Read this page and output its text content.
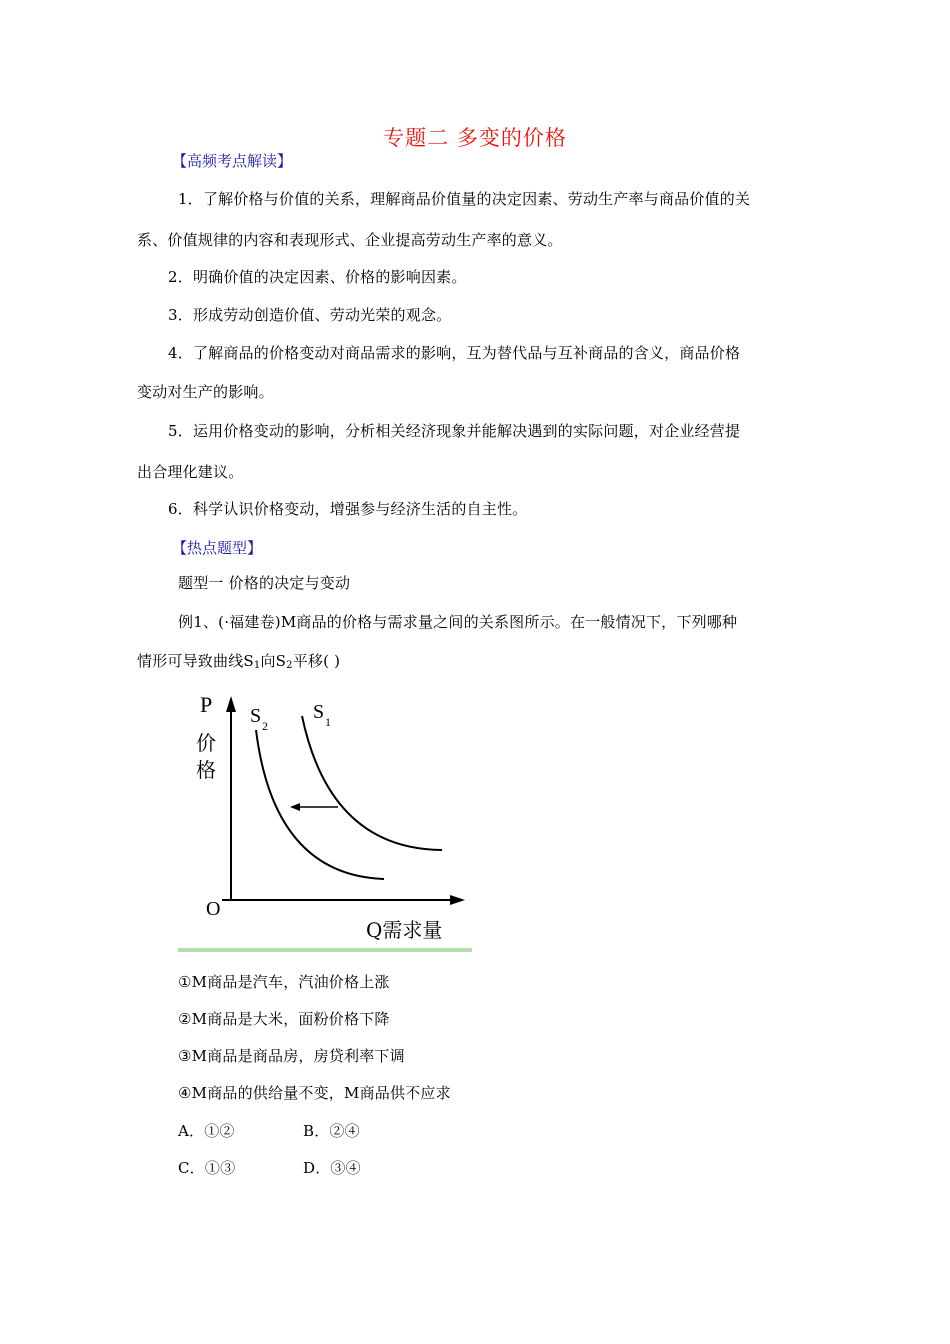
专题二 多变的价格
【高频考点解读】
1．了解价格与价值的关系，理解商品价值量的决定因素、劳动生产率与商品价值的关
系、价值规律的内容和表现形式、企业提高劳动生产率的意义。
2．明确价值的决定因素、价格的影响因素。
3．形成劳动创造价值、劳动光荣的观念。
4．了解商品的价格变动对商品需求的影响，互为替代品与互补商品的含义，商品价格
变动对生产的影响。
5．运用价格变动的影响，分析相关经济现象并能解决遇到的实际问题，对企业经营提
出合理化建议。
6．科学认识价格变动，增强参与经济生活的自主性。
【热点题型】
题型一 价格的决定与变动
例1、(·福建卷)M商品的价格与需求量之间的关系图所示。在一般情况下，下列哪种
情形可导致曲线$S_1$向$S_2$平移( )
P
价
格
O
Q需求量
S 2
S 1
①M商品是汽车，汽油价格上涨
②M商品是大米，面粉价格下降
③M商品是商品房，房贷利率下调
④M商品的供给量不变，M商品供不应求
A．①②	B．②④
C．①③	D．③④
